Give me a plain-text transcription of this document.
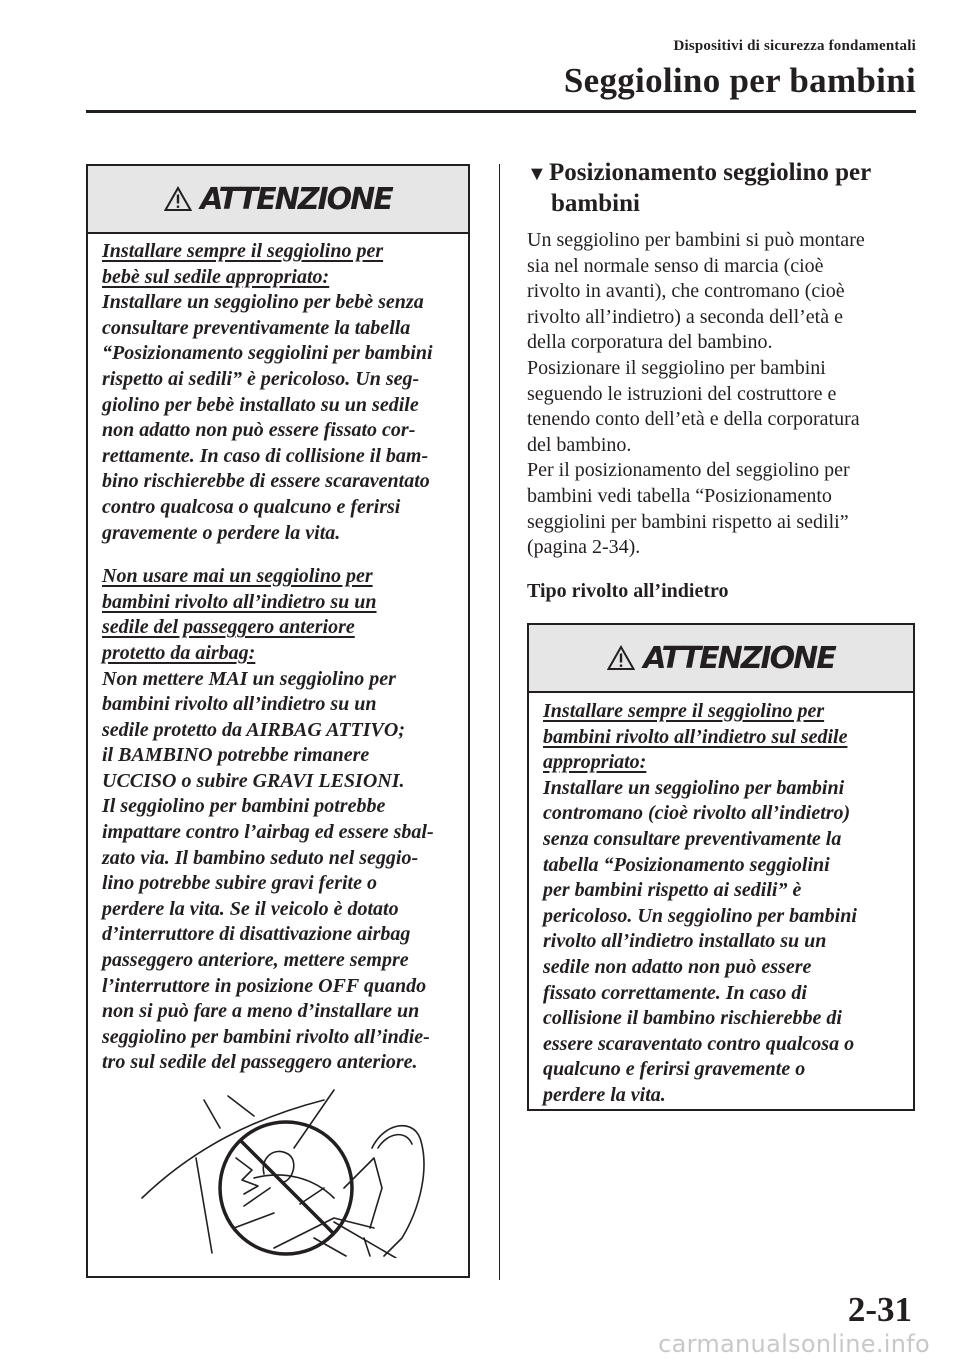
Dispositivi di sicurezza fondamentali
Seggiolino per bambini
ATTENZIONE

Installare sempre il seggiolino per

bebè sul sedile appropriato:

Installare un seggiolino per bebè senza

consultare preventivamente la tabella

“Posizionamento seggiolini per bambini

rispetto ai sedili” è pericoloso. Un seg-

giolino per bebè installato su un sedile

non adatto non può essere fissato cor-

rettamente. In caso di collisione il bam-

bino rischierebbe di essere scaraventato

contro qualcosa o qualcuno e ferirsi

gravemente o perdere la vita.

Non usare mai un seggiolino per

bambini rivolto all’indietro su un

sedile del passeggero anteriore

protetto da airbag:

Non mettere MAI un seggiolino per

bambini rivolto all’indietro su un

sedile protetto da AIRBAG ATTIVO;

il BAMBINO potrebbe rimanere

UCCISO o subire GRAVI LESIONI.

Il seggiolino per bambini potrebbe

impattare contro l’airbag ed essere sbal-

zato via. Il bambino seduto nel seggio-

lino potrebbe subire gravi ferite o

perdere la vita. Se il veicolo è dotato

d’interruttore di disattivazione airbag

passeggero anteriore, mettere sempre

l’interruttore in posizione OFF quando

non si può fare a meno d’installare un

seggiolino per bambini rivolto all’indie-

tro sul sedile del passeggero anteriore.

▼Posizionamento seggiolino per
bambini

Un seggiolino per bambini si può montare

sia nel normale senso di marcia (cioè

rivolto in avanti), che contromano (cioè

rivolto all’indietro) a seconda dell’età e

della corporatura del bambino.

Posizionare il seggiolino per bambini

seguendo le istruzioni del costruttore e

tenendo conto dell’età e della corporatura

del bambino.

Per il posizionamento del seggiolino per

bambini vedi tabella “Posizionamento

seggiolini per bambini rispetto ai sedili”

(pagina 2-34).

Tipo rivolto all’indietro
ATTENZIONE

Installare sempre il seggiolino per

bambini rivolto all’indietro sul sedile

appropriato:

Installare un seggiolino per bambini

contromano (cioè rivolto all’indietro)

senza consultare preventivamente la

tabella “Posizionamento seggiolini

per bambini rispetto ai sedili” è

pericoloso. Un seggiolino per bambini

rivolto all’indietro installato su un

sedile non adatto non può essere

fissato correttamente. In caso di

collisione il bambino rischierebbe di

essere scaraventato contro qualcosa o

qualcuno e ferirsi gravemente o

perdere la vita.

2-31
carmanualsonline.info
